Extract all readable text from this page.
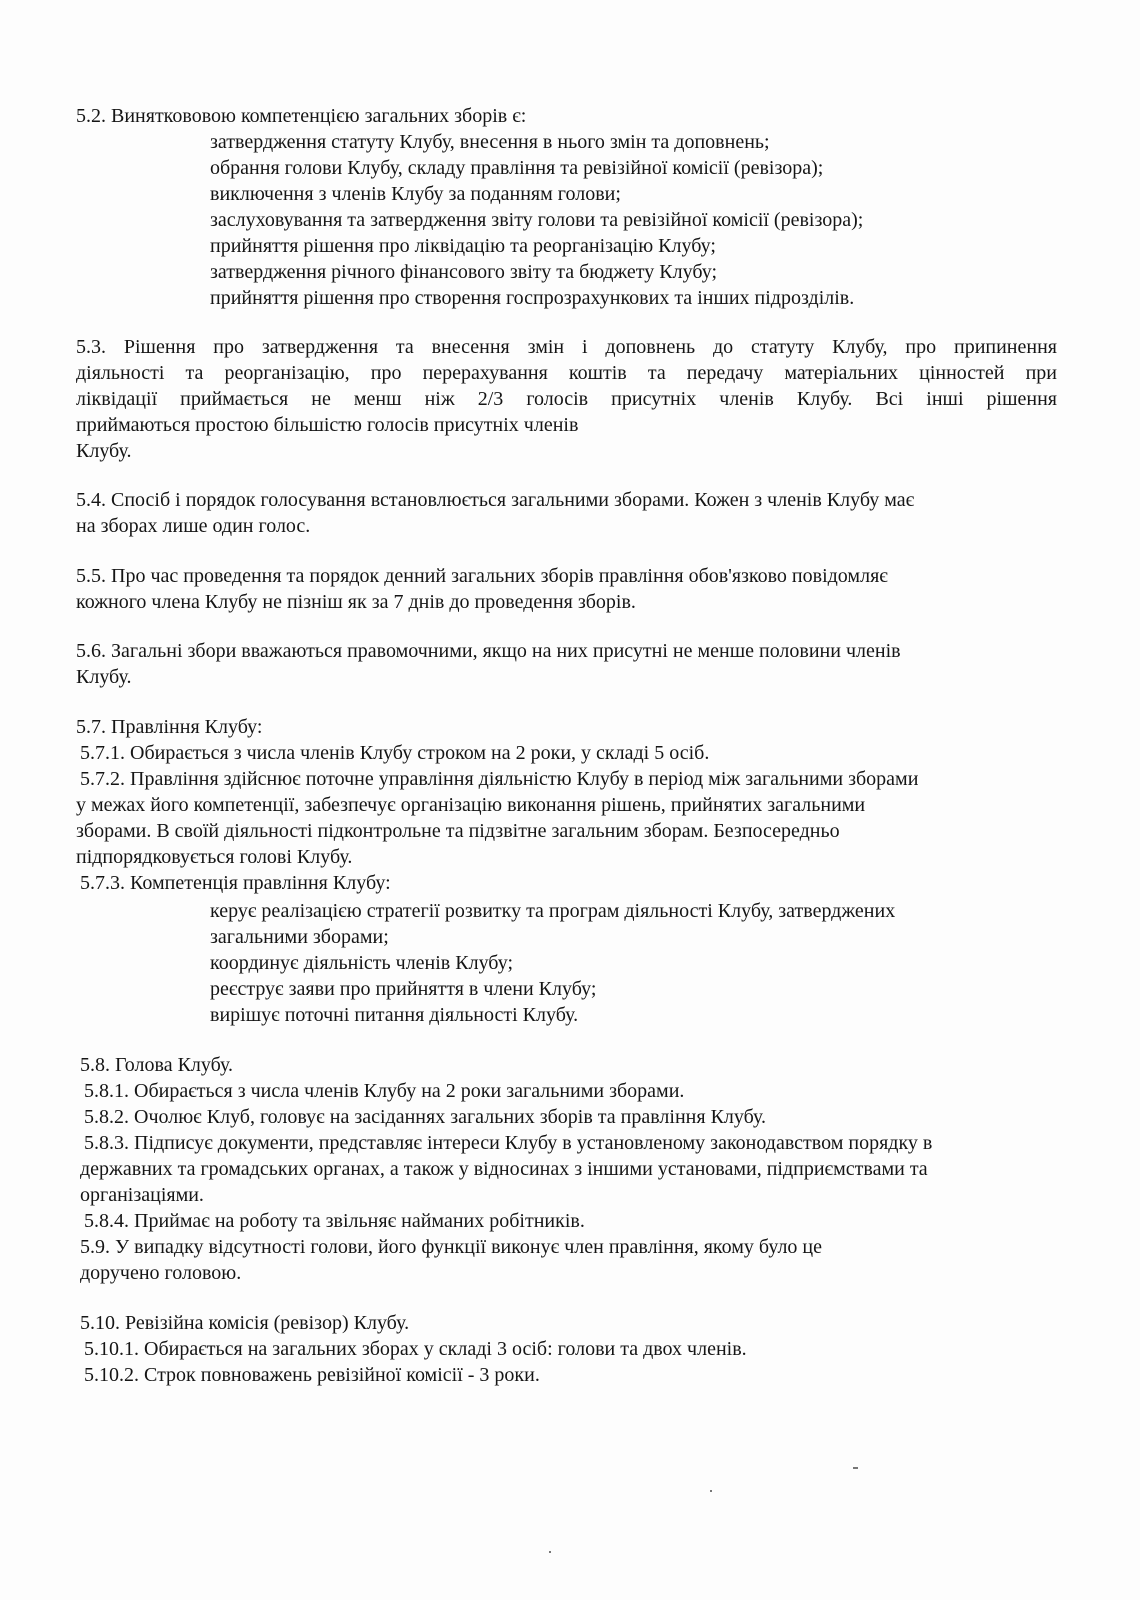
5.2. Виняткововою компетенцією загальних зборів є:
затвердження статуту Клубу, внесення в нього змін та доповнень;
обрання голови Клубу, складу правління та ревізійної комісії (ревізора);
виключення з членів Клубу за поданням голови;
заслуховування та затвердження звіту голови та ревізійної комісії (ревізора);
прийняття рішення про ліквідацію та реорганізацію Клубу;
затвердження річного фінансового звіту та бюджету Клубу;
прийняття рішення про створення госпрозрахункових та інших підрозділів.
5.3. Рішення про затвердження та внесення змін і доповнень до статуту Клубу, про припинення
діяльності та реорганізацію, про перерахування коштів та передачу матеріальних цінностей при
ліквідації приймається не менш ніж 2/3 голосів присутніх членів Клубу. Всі інші рішення
приймаються простою більшістю голосів присутніх членів
Клубу.
5.4. Спосіб і порядок голосування встановлюється загальними зборами. Кожен з членів Клубу має
на зборах лише один голос.
5.5. Про час проведення та порядок денний загальних зборів правління обов'язково повідомляє
кожного члена Клубу не пізніш як за 7 днів до проведення зборів.
5.6. Загальні збори вважаються правомочними, якщо на них присутні не менше половини членів
Клубу.
5.7. Правління Клубу:
5.7.1. Обирається з числа членів Клубу строком на 2 роки, у складі 5 осіб.
5.7.2. Правління здійснює поточне управління діяльністю Клубу в період між загальними зборами
у межах його компетенції, забезпечує організацію виконання рішень, прийнятих загальними
зборами. В своїй діяльності підконтрольне та підзвітне загальним зборам. Безпосередньо
підпорядковується голові Клубу.
5.7.3. Компетенція правління Клубу:
керує реалізацією стратегії розвитку та програм діяльності Клубу, затверджених
загальними зборами;
координує діяльність членів Клубу;
реєструє заяви про прийняття в члени Клубу;
вирішує поточні питання діяльності Клубу.
5.8. Голова Клубу.
5.8.1. Обирається з числа членів Клубу на 2 роки загальними зборами.
5.8.2. Очолює Клуб, головує на засіданнях загальних зборів та правління Клубу.
5.8.3. Підписує документи, представляє інтереси Клубу в установленому законодавством порядку в
державних та громадських органах, а також у відносинах з іншими установами, підприємствами та
організаціями.
5.8.4. Приймає на роботу та звільняє найманих робітників.
5.9. У випадку відсутності голови, його функції виконує член правління, якому було це
доручено головою.
5.10. Ревізійна комісія (ревізор) Клубу.
5.10.1. Обирається на загальних зборах у складі 3 осіб: голови та двох членів.
5.10.2. Строк повноважень ревізійної комісії - 3 роки.
